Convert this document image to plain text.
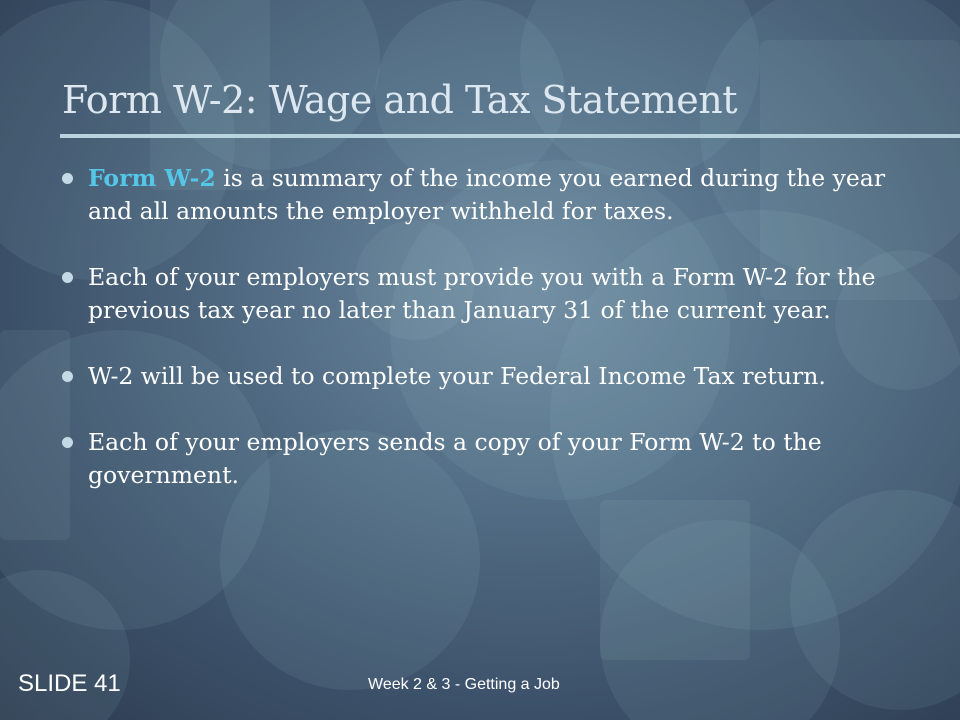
Form W-2: Wage and Tax Statement
Form W-2 is a summary of the income you earned during the year and all amounts the employer withheld for taxes.
Each of your employers must provide you with a Form W-2 for the previous tax year no later than January 31 of the current year.
W-2 will be used to complete your Federal Income Tax return.
Each of your employers sends a copy of your Form W-2 to the government.
SLIDE 41	Week 2 & 3 - Getting a Job
